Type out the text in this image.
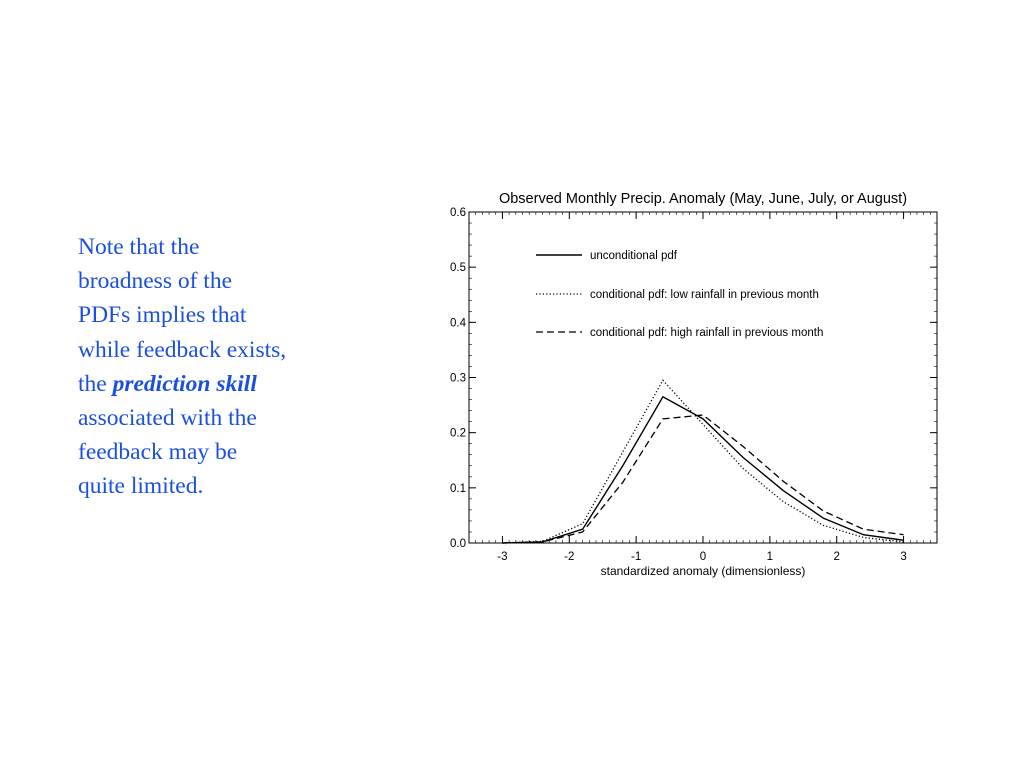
Note that the
broadness of the
PDFs implies that
while feedback exists,
the prediction skill
associated with the
feedback may be
quite limited.
Observed Monthly Precip. Anomaly (May, June, July, or August)
-3	-2	-1	0	1	2	3
0.0
0.1
0.2
0.3
0.4
0.5
0.6
standardized anomaly (dimensionless)
unconditional pdf
conditional pdf: low rainfall in previous month
conditional pdf: high rainfall in previous month
